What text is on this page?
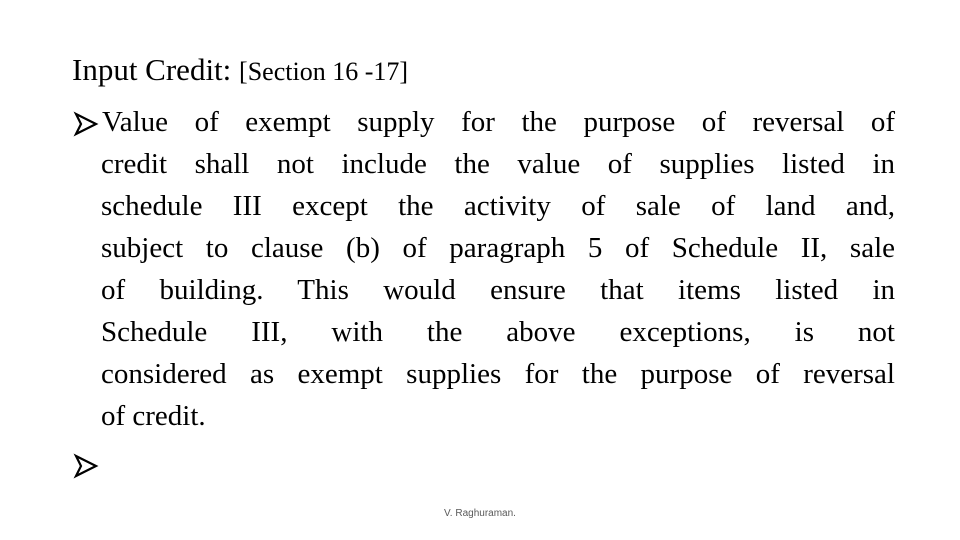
Input Credit: [Section 16 -17]
Value of exempt supply for the purpose of reversal of
credit shall not include the value of supplies listed in
schedule III except the activity of sale of land and,
subject to clause (b) of paragraph 5 of Schedule II, sale
of building. This would ensure that items listed in
Schedule III, with the above exceptions, is not
considered as exempt supplies for the purpose of reversal
of credit.
V. Raghuraman.
